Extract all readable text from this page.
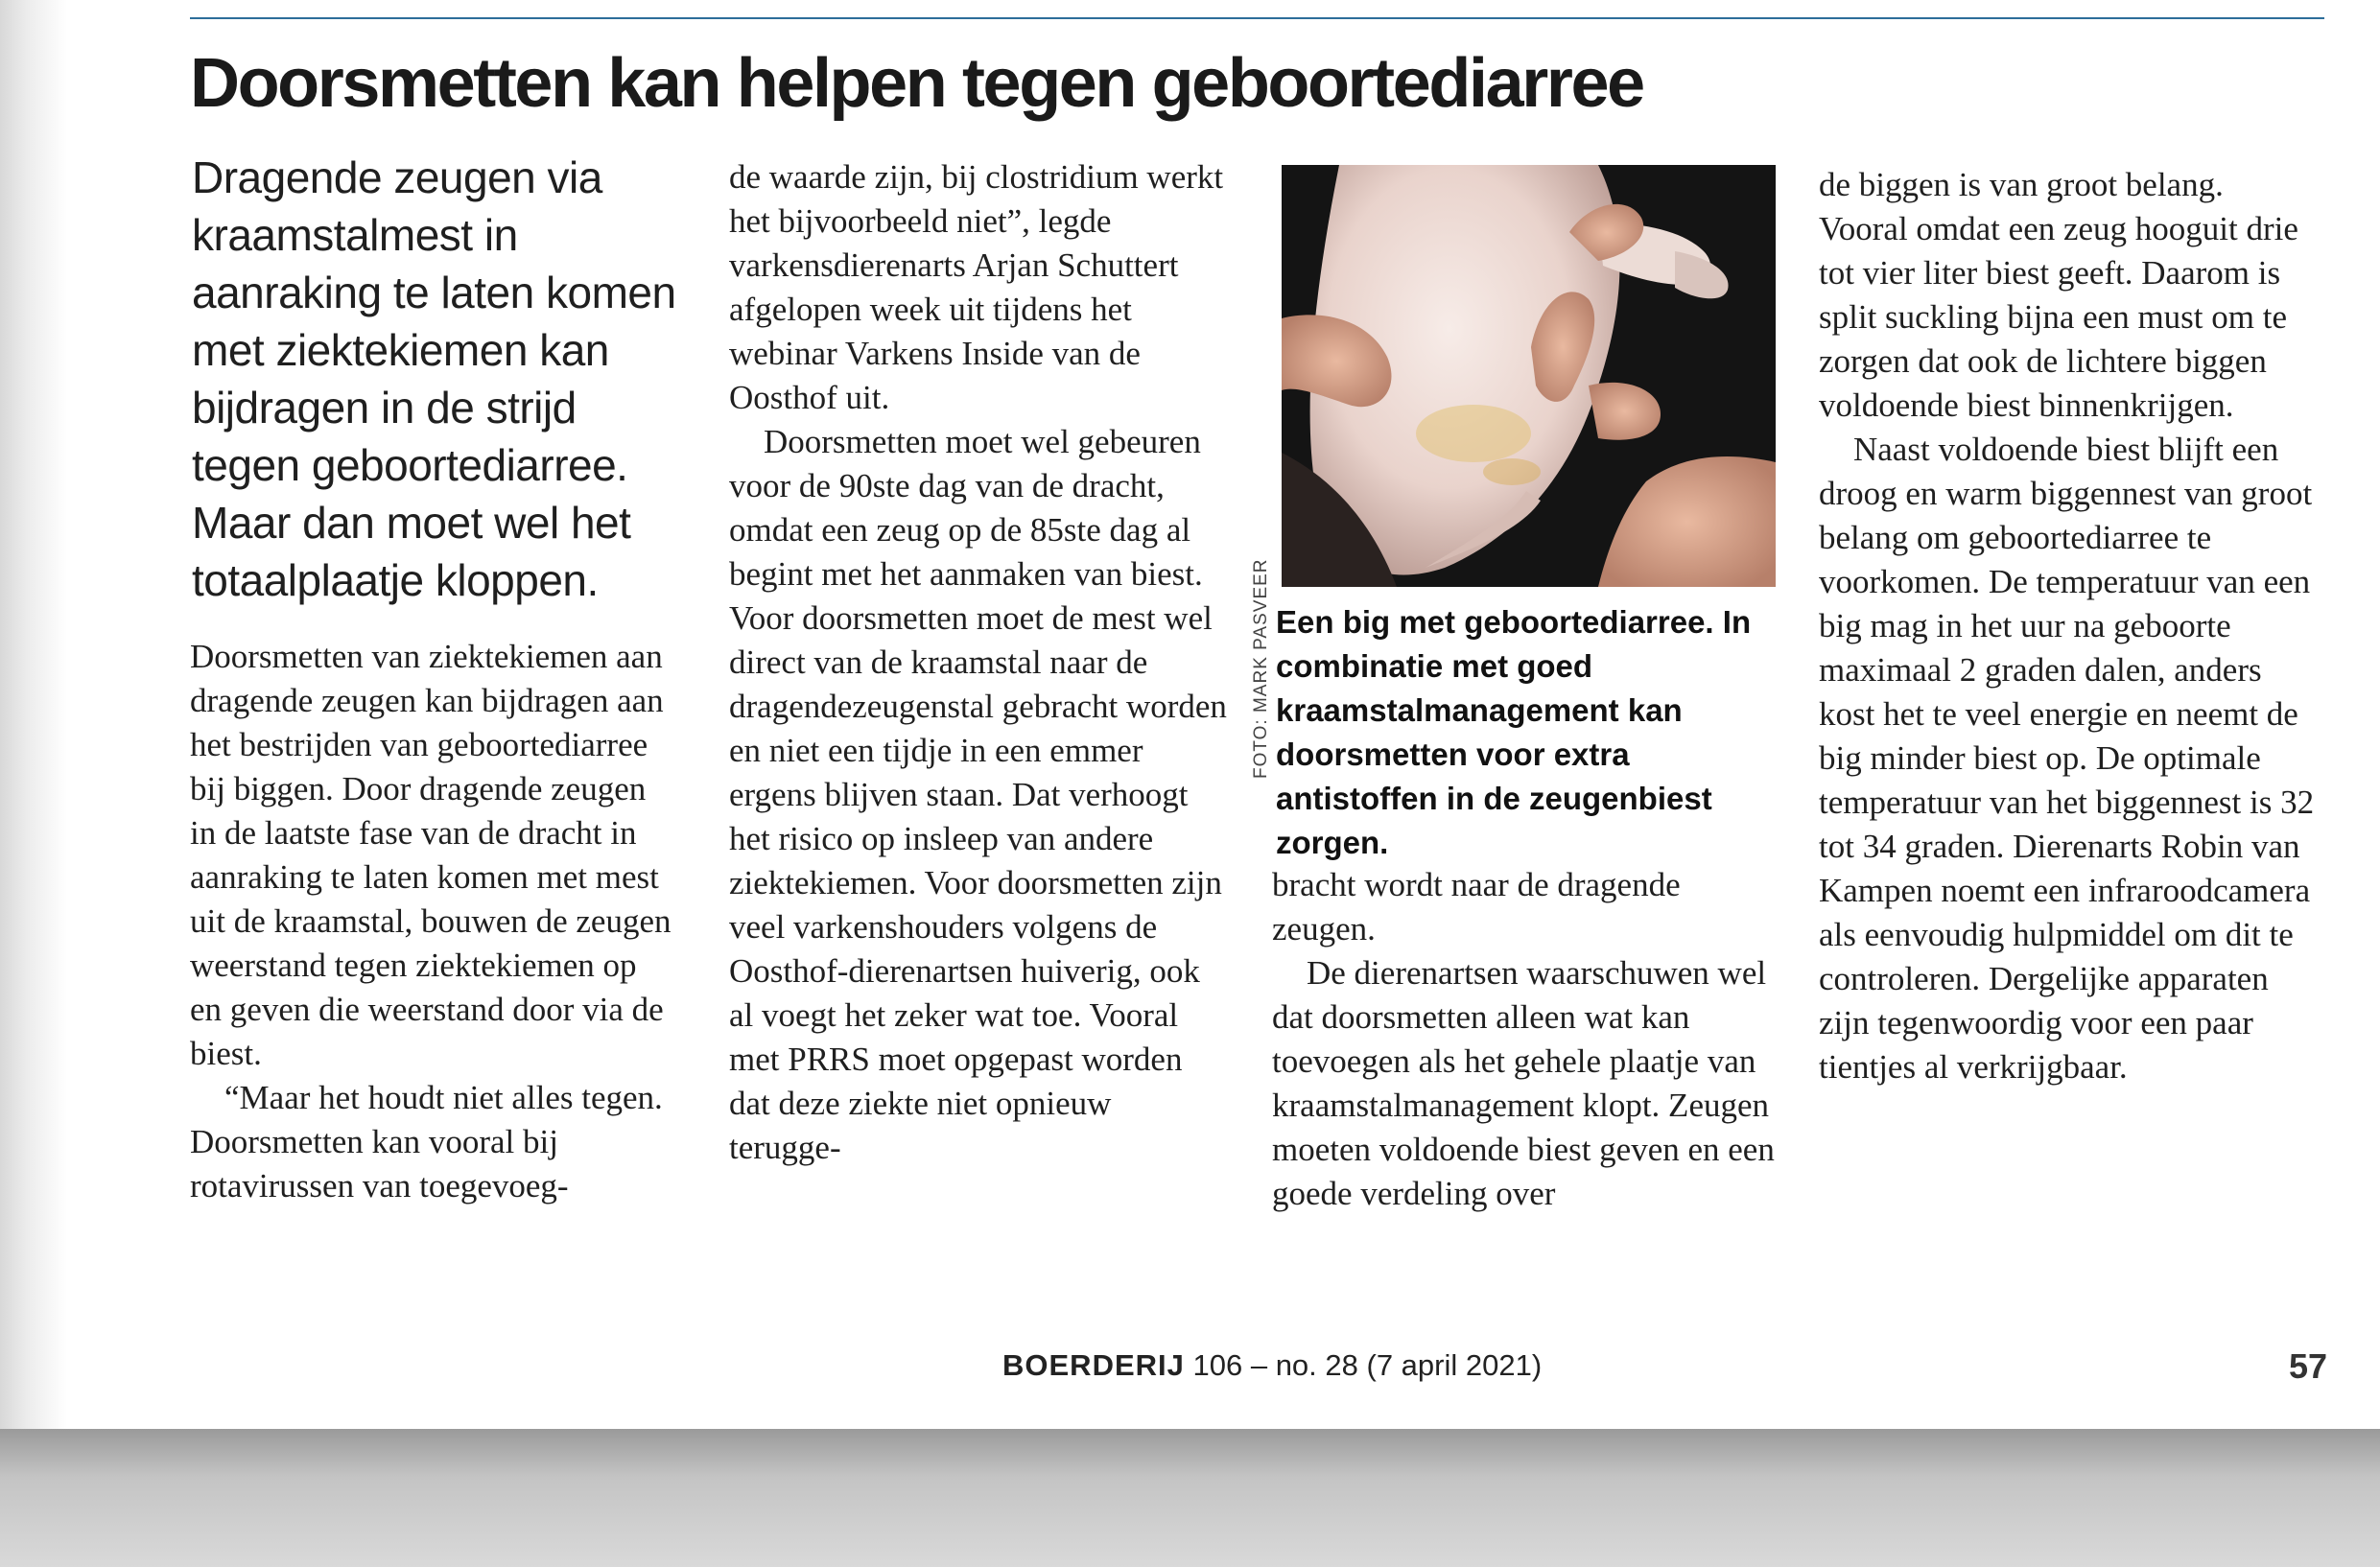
Doorsmetten kan helpen tegen geboortediarree

Dragende zeugen via kraamstalmest in aanraking te laten komen met ziektekiemen kan bijdragen in de strijd tegen geboortediarree. Maar dan moet wel het totaalplaatje kloppen.

Doorsmetten van ziektekiemen aan dragende zeugen kan bijdragen aan het bestrijden van geboortediarree bij biggen. Door dragende zeugen in de laatste fase van de dracht in aanraking te laten komen met mest uit de kraamstal, bouwen de zeugen weerstand tegen ziektekiemen op en geven die weerstand door via de biest.

“Maar het houdt niet alles tegen. Doorsmetten kan vooral bij rotavirussen van toegevoeg-

de waarde zijn, bij clostridium werkt het bijvoorbeeld niet”, legde varkensdierenarts Arjan Schuttert afgelopen week uit tijdens het webinar Varkens Inside van de Oosthof uit.

Doorsmetten moet wel gebeuren voor de 90ste dag van de dracht, omdat een zeug op de 85ste dag al begint met het aanmaken van biest. Voor doorsmetten moet de mest wel direct van de kraamstal naar de dragendezeugenstal gebracht worden en niet een tijdje in een emmer ergens blijven staan. Dat verhoogt het risico op insleep van andere ziektekiemen. Voor doorsmetten zijn veel varkenshouders volgens de Oosthof-dierenartsen huiverig, ook al voegt het zeker wat toe. Vooral met PRRS moet opgepast worden dat deze ziekte niet opnieuw terugge-

FOTO: MARK PASVEER Een big met geboortediarree. In combinatie met goed kraamstalmanagement kan doorsmetten voor extra antistoffen in de zeugenbiest zorgen.

bracht wordt naar de dragende zeugen.

De dierenartsen waarschuwen wel dat doorsmetten alleen wat kan toevoegen als het gehele plaatje van kraamstalmanagement klopt. Zeugen moeten voldoende biest geven en een goede verdeling over

de biggen is van groot belang. Vooral omdat een zeug hooguit drie tot vier liter biest geeft. Daarom is split suckling bijna een must om te zorgen dat ook de lichtere biggen voldoende biest binnenkrijgen.

Naast voldoende biest blijft een droog en warm biggennest van groot belang om geboortediarree te voorkomen. De temperatuur van een big mag in het uur na geboorte maximaal 2 graden dalen, anders kost het te veel energie en neemt de big minder biest op. De optimale temperatuur van het biggennest is 32 tot 34 graden. Dierenarts Robin van Kampen noemt een infraroodcamera als eenvoudig hulpmiddel om dit te controleren. Dergelijke apparaten zijn tegenwoordig voor een paar tientjes al verkrijgbaar.

BOERDERIJ 106 – no. 28 (7 april 2021)	57
